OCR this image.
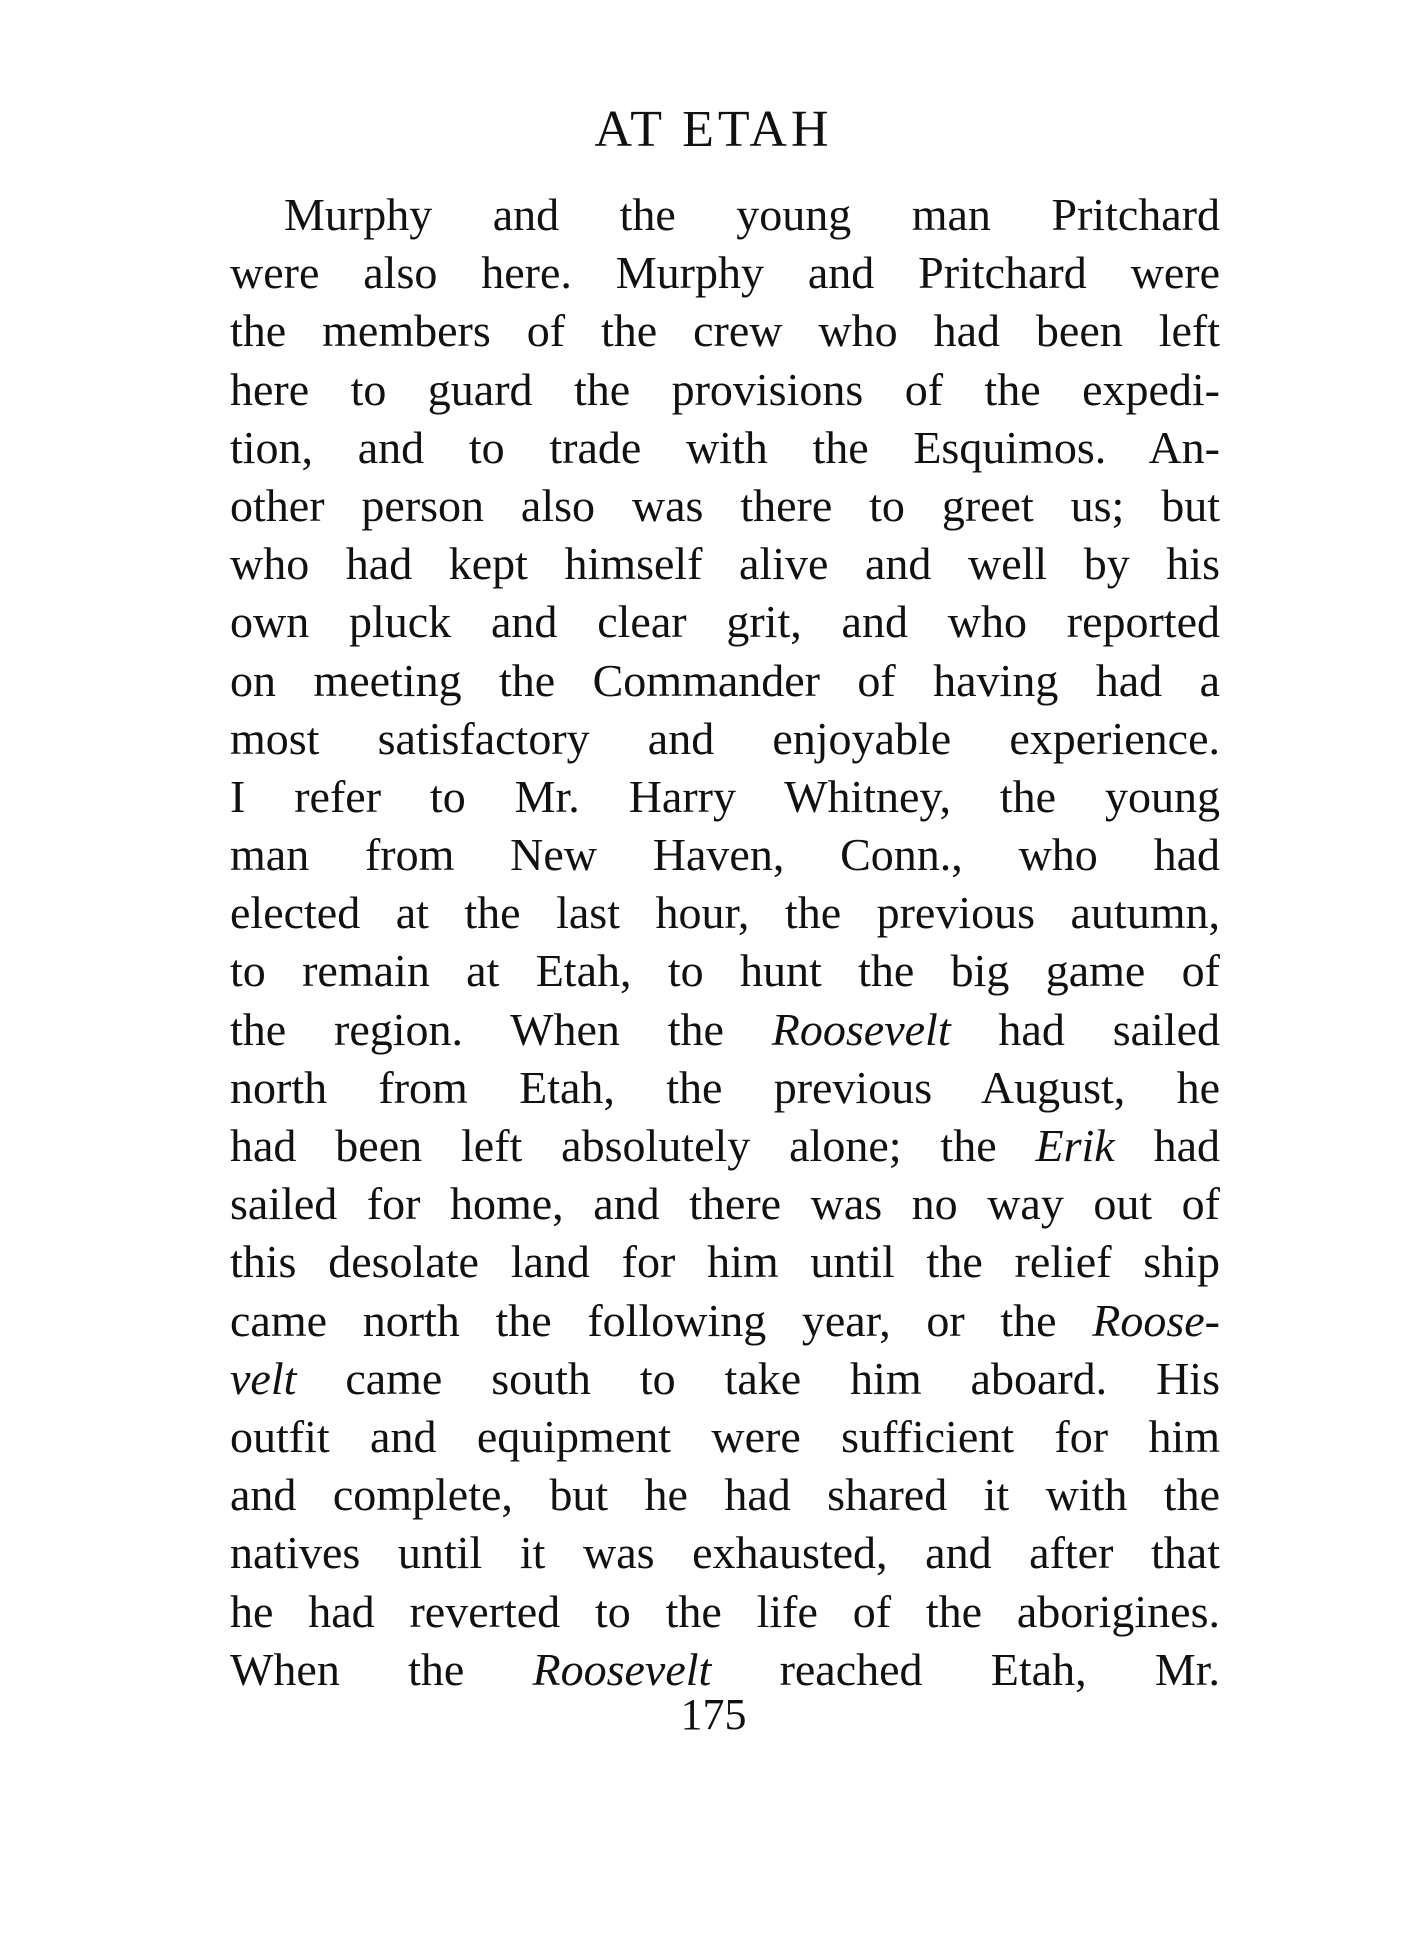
AT ETAH
Murphy and the young man Pritchard
were also here. Murphy and Pritchard were
the members of the crew who had been left
here to guard the provisions of the expedi-
tion, and to trade with the Esquimos. An-
other person also was there to greet us; but
who had kept himself alive and well by his
own pluck and clear grit, and who reported
on meeting the Commander of having had a
most satisfactory and enjoyable experience.
I refer to Mr. Harry Whitney, the young
man from New Haven, Conn., who had
elected at the last hour, the previous autumn,
to remain at Etah, to hunt the big game of
the region. When the Roosevelt had sailed
north from Etah, the previous August, he
had been left absolutely alone; the Erik had
sailed for home, and there was no way out of
this desolate land for him until the relief ship
came north the following year, or the Roose-
velt came south to take him aboard. His
outfit and equipment were sufficient for him
and complete, but he had shared it with the
natives until it was exhausted, and after that
he had reverted to the life of the aborigines.
When the Roosevelt reached Etah, Mr.
175
